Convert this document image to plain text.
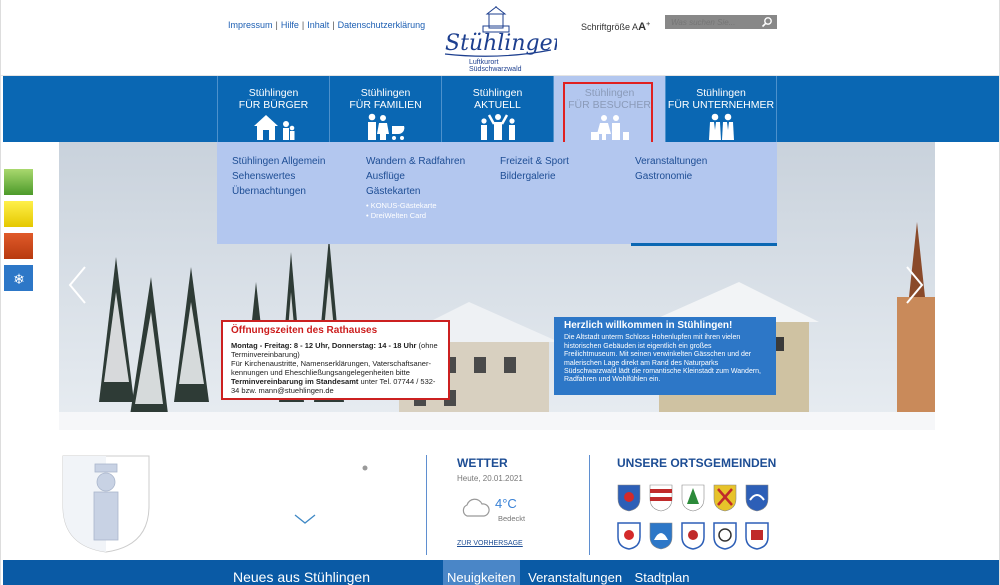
Impressum | Hilfe | Inhalt | Datenschutzerklärung
Stühlingen
Luftkurort
Südschwarzwald
Schriftgröße AA+
Was suchen Sie...
Stühlingen
FÜR BÜRGER
Stühlingen
FÜR FAMILIEN
Stühlingen
AKTUELL
Stühlingen
FÜR BESUCHER
Stühlingen
FÜR UNTERNEHMER
❄
Stühlingen Allgemein
Sehenswertes
Übernachtungen
Wandern & Radfahren
Ausflüge
Gästekarten
• KONUS-Gästekarte
• DreiWelten Card
Freizeit & Sport
Bildergalerie
Veranstaltungen
Gastronomie
Öffnungszeiten des Rathauses
Montag - Freitag: 8 - 12 Uhr, Donnerstag: 14 - 18 Uhr (ohne Terminvereinbarung)
Für Kirchenaustritte, Namenserklärungen, Vaterschaftsaner-kennungen und Eheschließungsangelegenheiten bitte
Terminvereinbarung im Standesamt unter Tel. 07744 / 532-34 bzw. mann@stuehlingen.de
Herzlich willkommen in Stühlingen!
Die Altstadt unterm Schloss Hohenlupfen mit ihren vielen historischen Gebäuden ist eigentlich ein großes Freilichtmuseum. Mit seinen verwinkelten Gässchen und der malerischen Lage direkt am Rand des Naturparks Südschwarzwald lädt die romantische Kleinstadt zum Wandern, Radfahren und Wohlfühlen ein.
Bauplätze	Ratssystem	Geoplan
Webcam	Kontakt	Anfahrt
WETTER
Heute, 20.01.2021
4°C
Bedeckt
ZUR VORHERSAGE
UNSERE ORTSGEMEINDEN
Neues aus Stühlingen	Neuigkeiten Veranstaltungen Stadtplan
